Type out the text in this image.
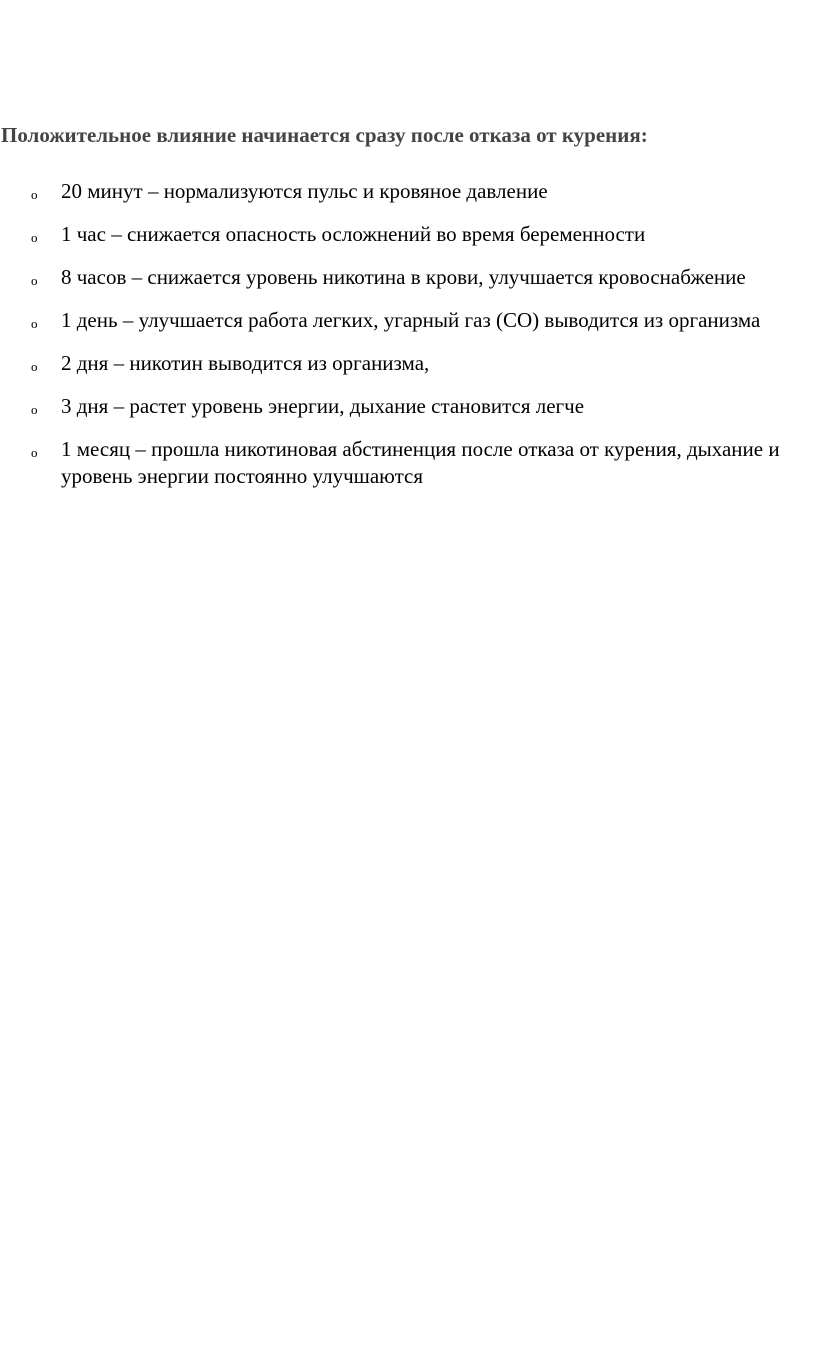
Положительное влияние начинается сразу после отказа от курения:

o 20 минут – нормализуются пульс и кровяное давление
o 1 час – снижается опасность осложнений во время беременности
o 8 часов – снижается уровень никотина в крови, улучшается кровоснабжение
o 1 день – улучшается работа легких, угарный газ (CO) выводится из организма
o 2 дня – никотин выводится из организма,
o 3 дня – растет уровень энергии, дыхание становится легче
o 1 месяц – прошла никотиновая абстиненция после отказа от курения, дыхание и уровень энергии постоянно улучшаются
